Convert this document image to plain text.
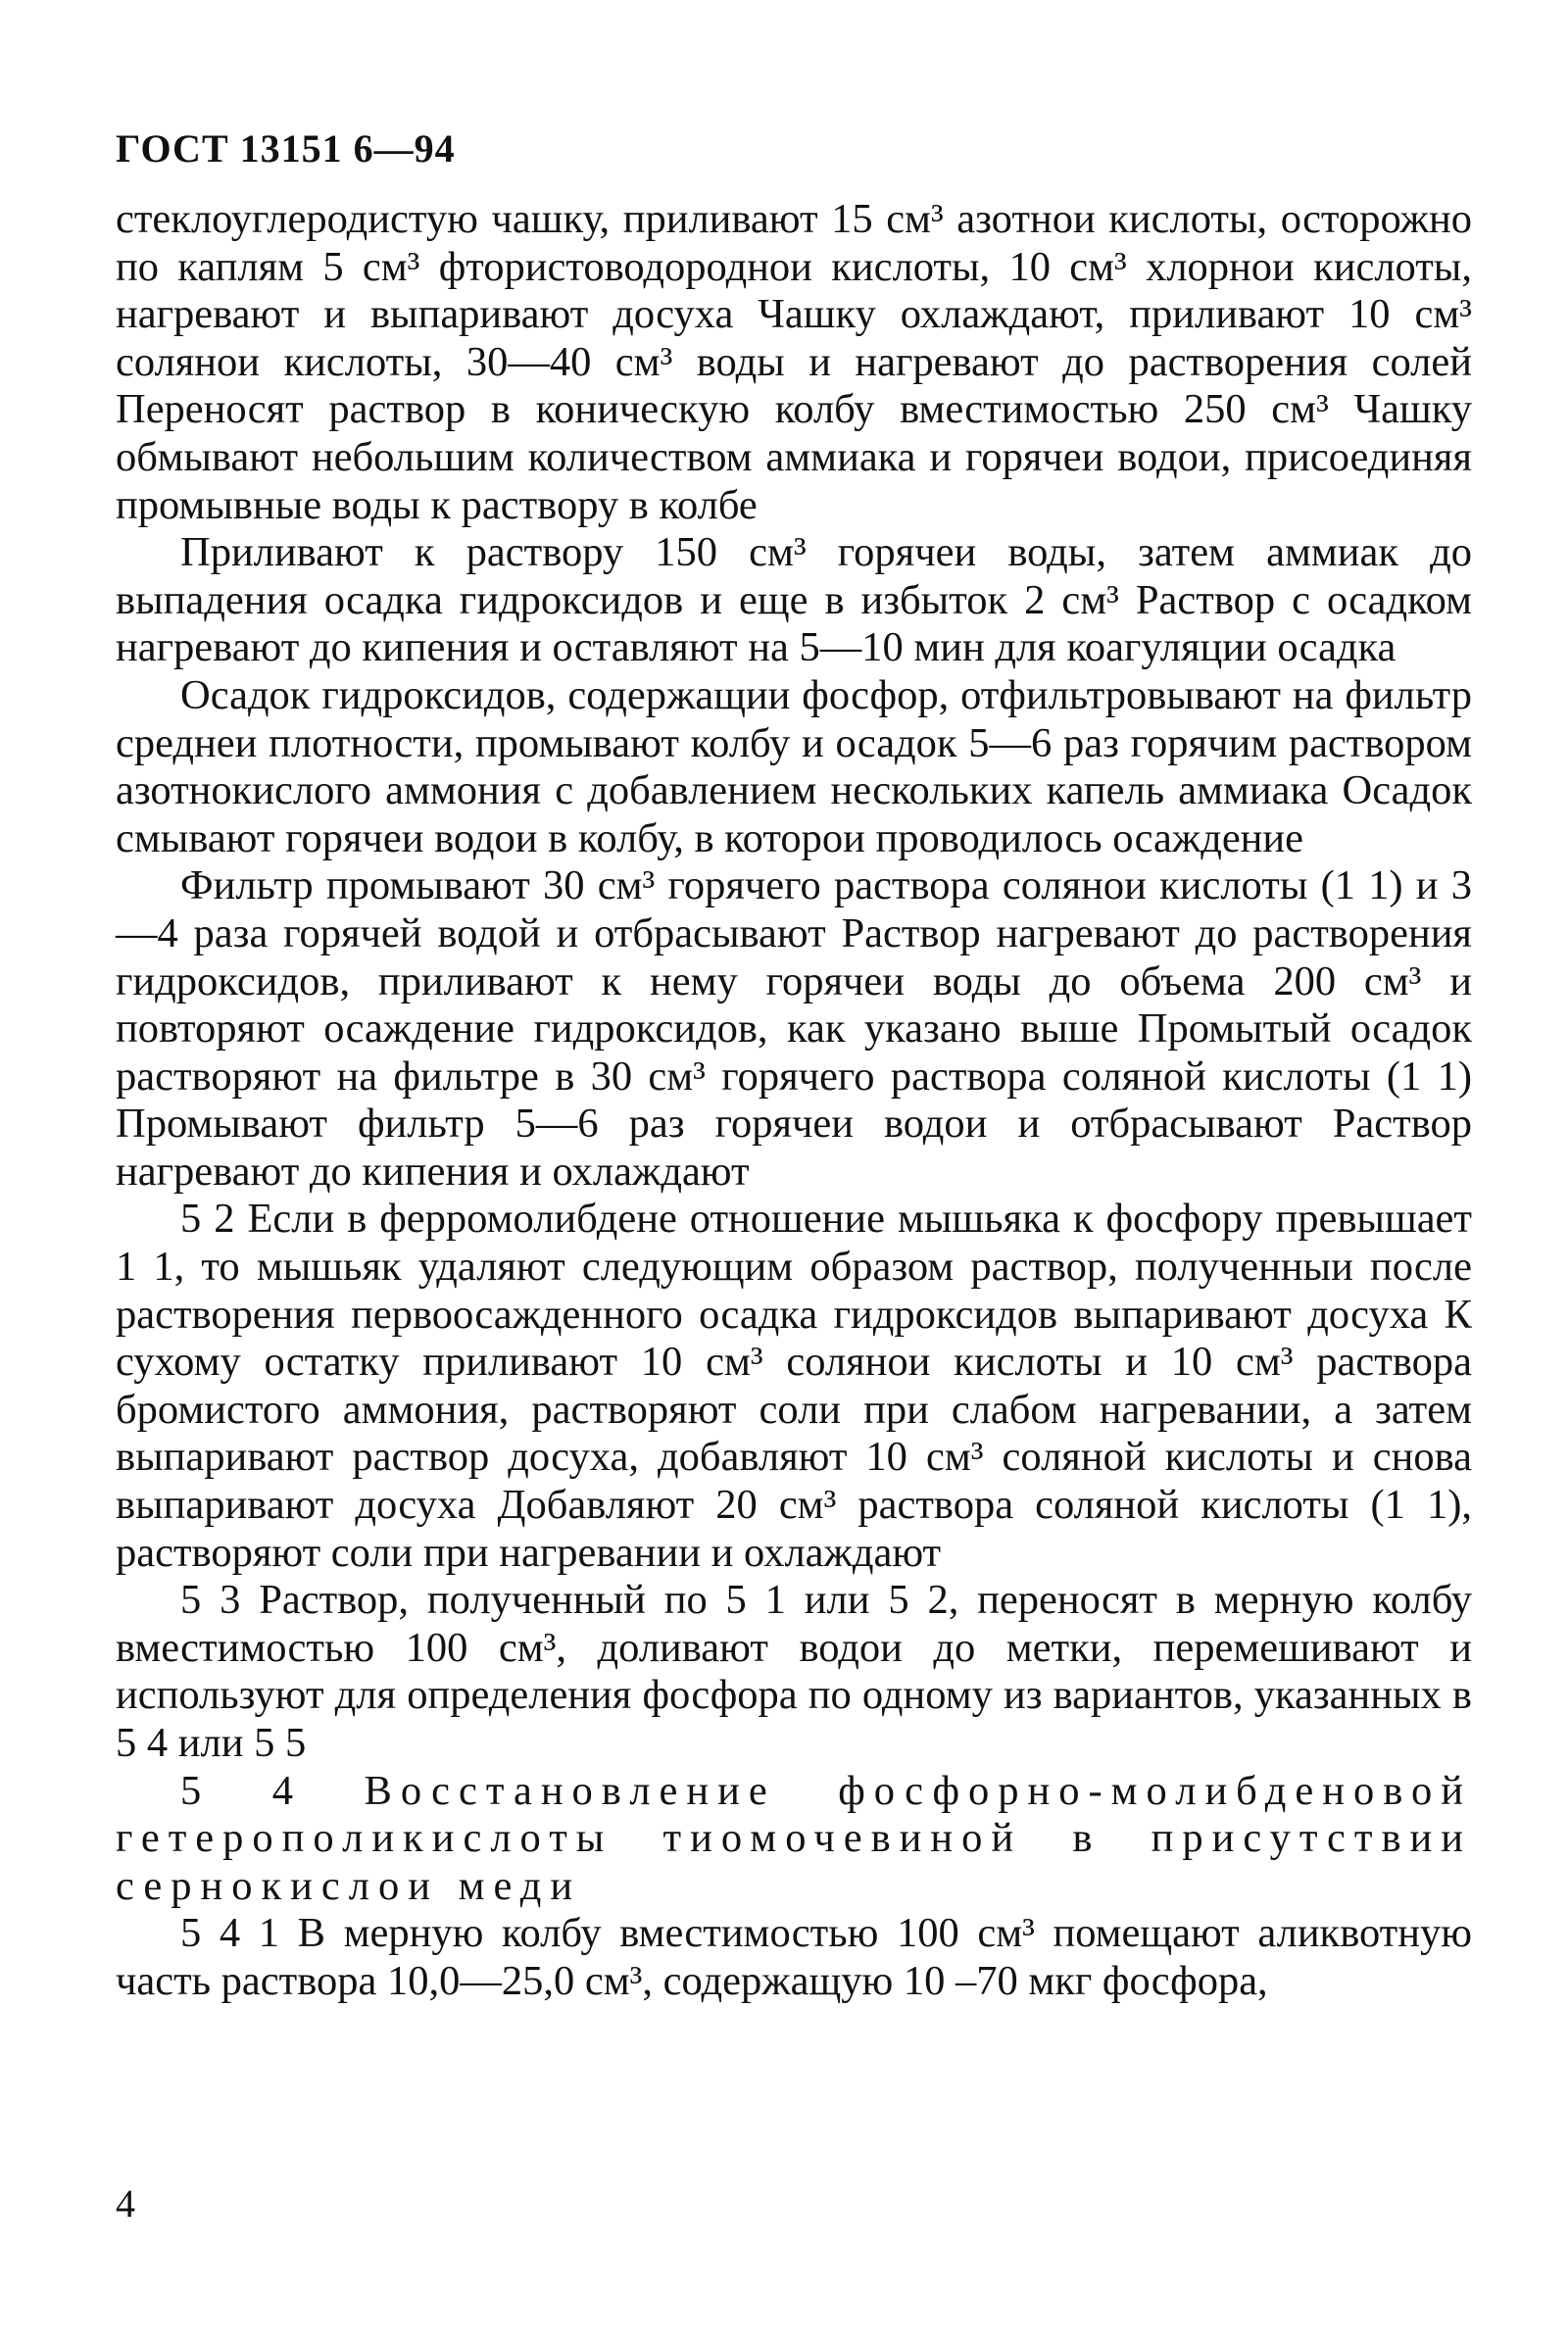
ГОСТ 13151 6—94

стеклоуглеродистую чашку, приливают 15 см³ азотнои кислоты, осторожно по каплям 5 см³ фтористоводороднои кислоты, 10 см³ хлорнои кислоты, нагревают и выпаривают досуха Чашку охлаждают, приливают 10 см³ солянои кислоты, 30—40 см³ воды и нагревают до растворения солей Переносят раствор в коническую колбу вместимостью 250 см³ Чашку обмывают небольшим количеством аммиака и горячеи водои, присоединяя промывные воды к раствору в колбе

Приливают к раствору 150 см³ горячеи воды, затем аммиак до выпадения осадка гидроксидов и еще в избыток 2 см³ Раствор с осадком нагревают до кипения и оставляют на 5—10 мин для коагуляции осадка

Осадок гидроксидов, содержащии фосфор, отфильтровывают на фильтр среднеи плотности, промывают колбу и осадок 5—6 раз горячим раствором азотнокислого аммония с добавлением нескольких капель аммиака Осадок смывают горячеи водои в колбу, в которои проводилось осаждение

Фильтр промывают 30 см³ горячего раствора солянои кислоты (1 1) и 3—4 раза горячей водой и отбрасывают Раствор нагревают до растворения гидроксидов, приливают к нему горячеи воды до объема 200 см³ и повторяют осаждение гидроксидов, как указано выше Промытый осадок растворяют на фильтре в 30 см³ горячего раствора соляной кислоты (1 1) Промывают фильтр 5—6 раз горячеи водои и отбрасывают Раствор нагревают до кипения и охлаждают

5 2 Если в ферромолибдене отношение мышьяка к фосфору превышает 1 1, то мышьяк удаляют следующим образом раствор, полученныи после растворения первоосажденного осадка гидроксидов выпаривают досуха К сухому остатку приливают 10 см³ солянои кислоты и 10 см³ раствора бромистого аммония, растворяют соли при слабом нагревании, а затем выпаривают раствор досуха, добавляют 10 см³ соляной кислоты и снова выпаривают досуха Добавляют 20 см³ раствора соляной кислоты (1 1), растворяют соли при нагревании и охлаждают

5 3 Раствор, полученный по 5 1 или 5 2, переносят в мерную колбу вместимостью 100 см³, доливают водои до метки, перемешивают и используют для определения фосфора по одному из вариантов, указанных в 5 4 или 5 5

5 4 Восстановление фосфорно-молибденовой гетерополикислоты тиомочевиной в присутствии сернокислои меди

5 4 1 В мерную колбу вместимостью 100 см³ помещают аликвотную часть раствора 10,0—25,0 см³, содержащую 10 –70 мкг фосфора,

4
